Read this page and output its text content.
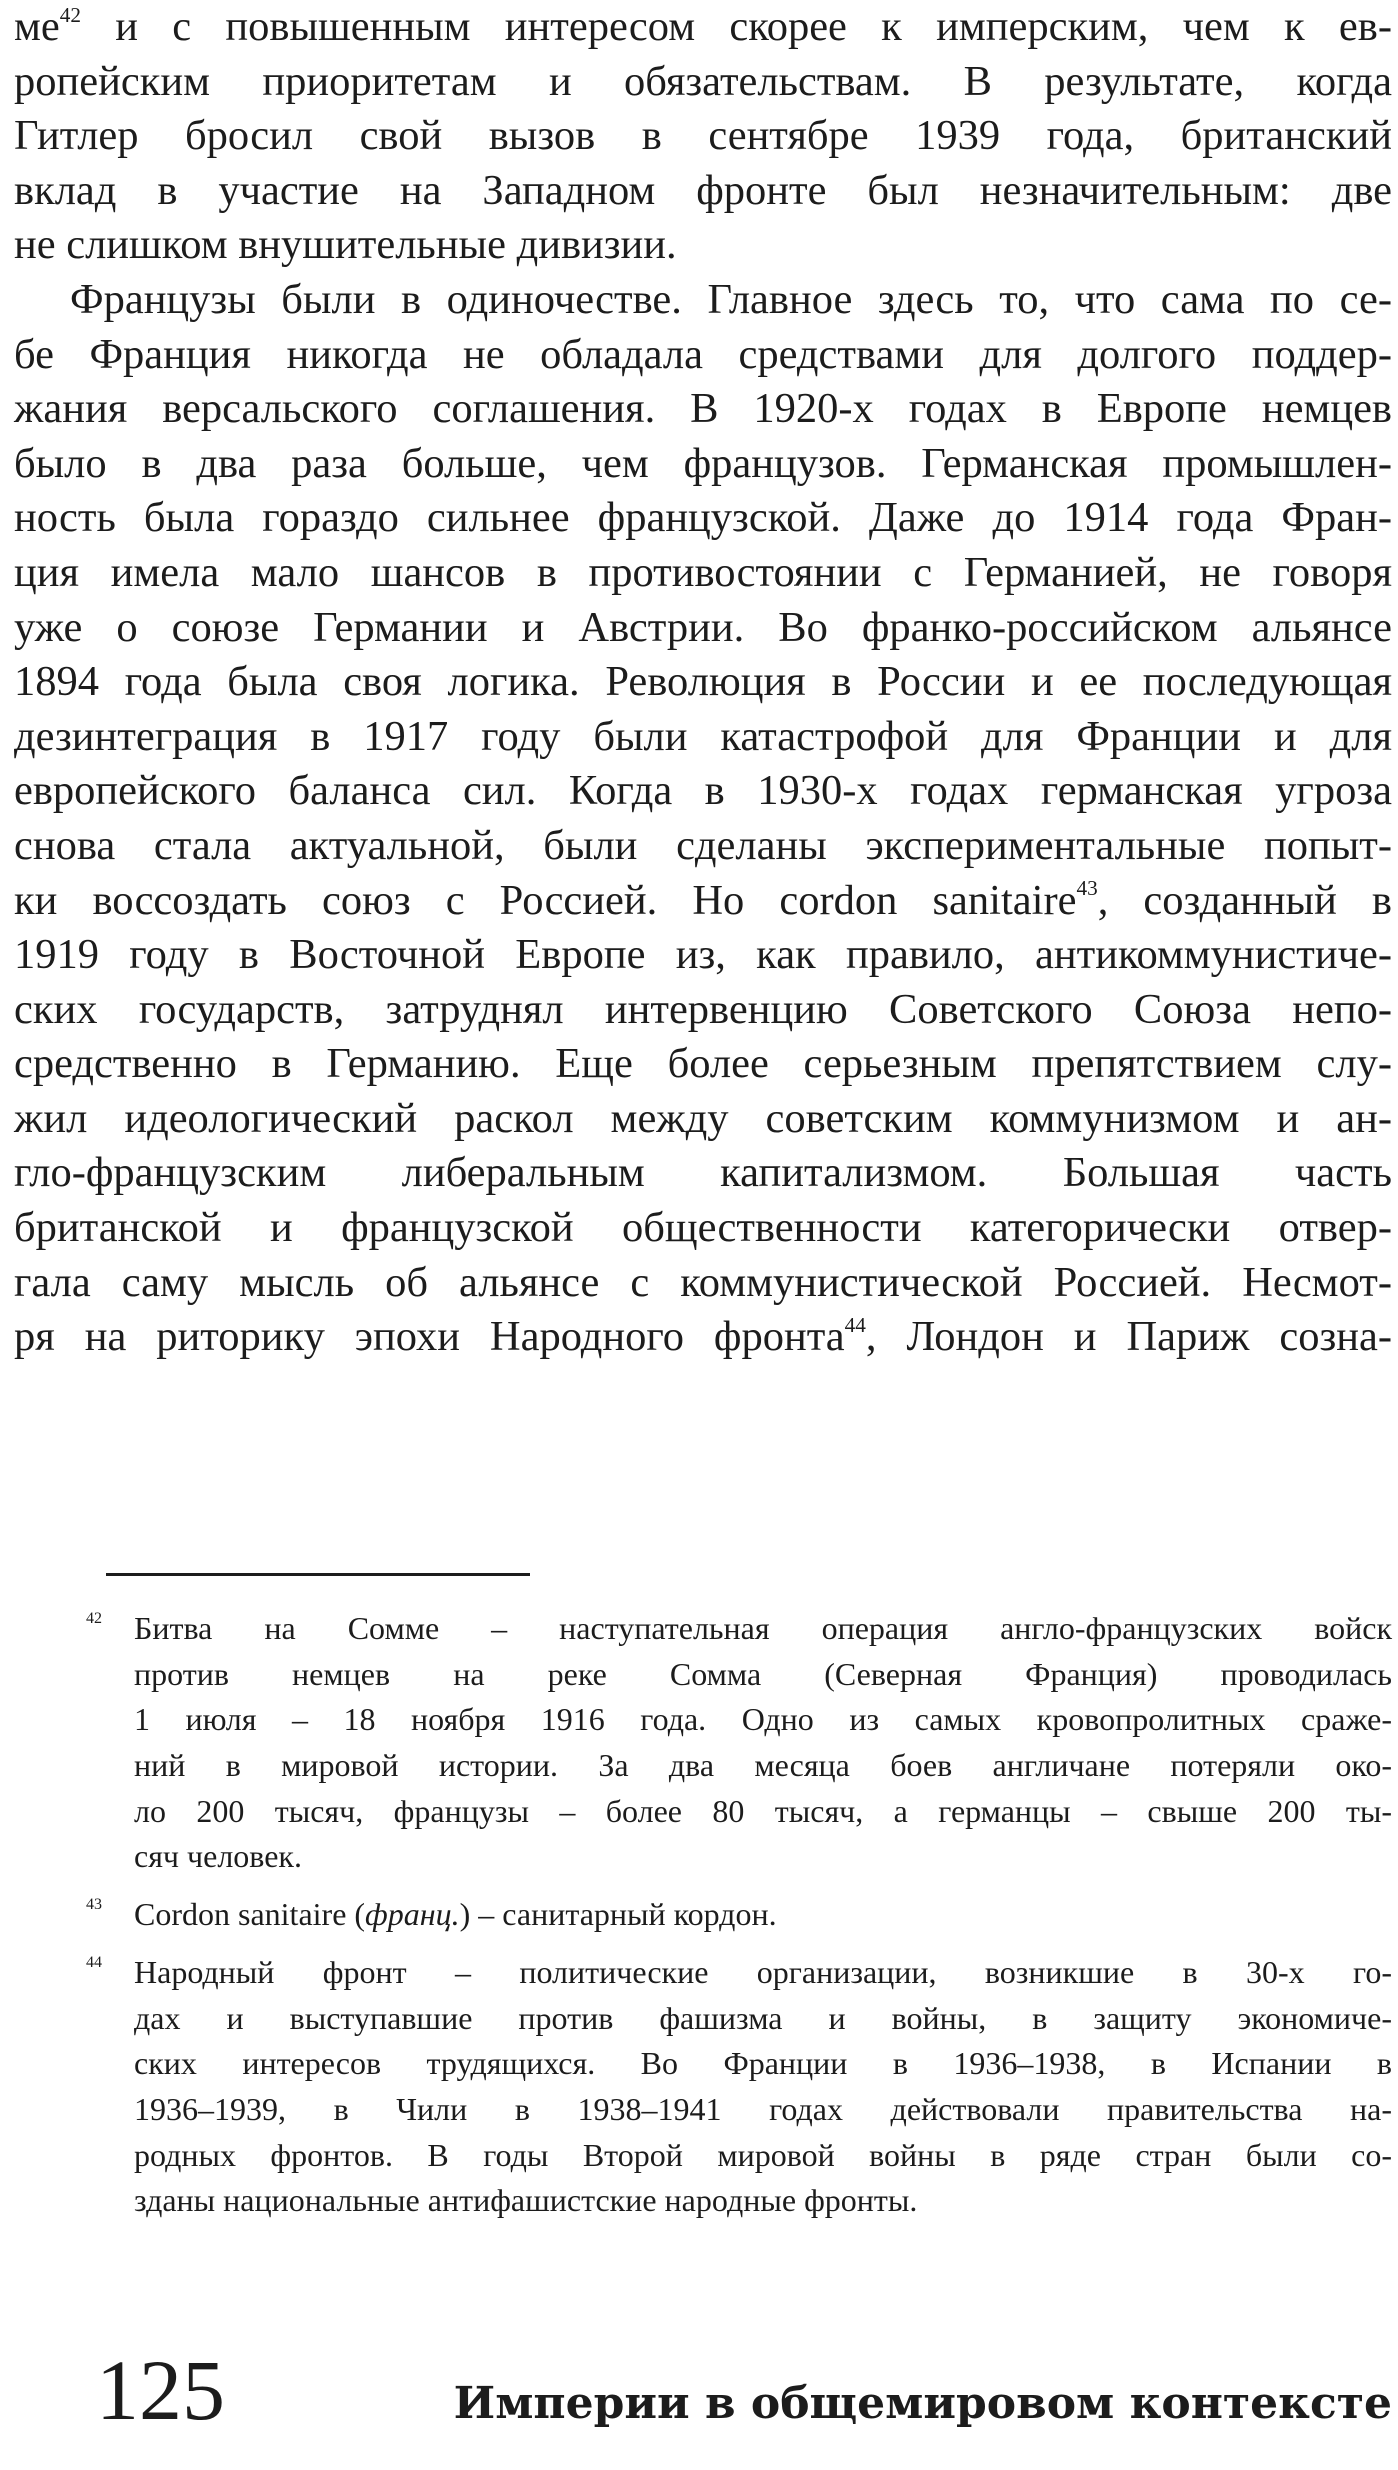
ме$^{42}$ и с повышенным интересом скорее к имперским, чем к ев-
ропейским приоритетам и обязательствам. В результате, когда
Гитлер бросил свой вызов в сентябре 1939 года, британский
вклад в участие на Западном фронте был незначительным: две
не слишком внушительные дивизии.
Французы были в одиночестве. Главное здесь то, что сама по се-
бе Франция никогда не обладала средствами для долгого поддер-
жания версальского соглашения. В 1920-х годах в Европе немцев
было в два раза больше, чем французов. Германская промышлен-
ность была гораздо сильнее французской. Даже до 1914 года Фран-
ция имела мало шансов в противостоянии с Германией, не говоря
уже о союзе Германии и Австрии. Во франко-российском альянсе
1894 года была своя логика. Революция в России и ее последующая
дезинтеграция в 1917 году были катастрофой для Франции и для
европейского баланса сил. Когда в 1930-х годах германская угроза
снова стала актуальной, были сделаны экспериментальные попыт-
ки воссоздать союз с Россией. Но cordon sanitaire$^{43}$, созданный в
1919 году в Восточной Европе из, как правило, антикоммунистиче-
ских государств, затруднял интервенцию Советского Союза непо-
средственно в Германию. Еще более серьезным препятствием слу-
жил идеологический раскол между советским коммунизмом и ан-
гло-французским либеральным капитализмом. Большая часть
британской и французской общественности категорически отвер-
гала саму мысль об альянсе с коммунистической Россией. Несмот-
ря на риторику эпохи Народного фронта$^{44}$, Лондон и Париж созна-
42 Битва на Сомме – наступательная операция англо-французских войск
против немцев на реке Сомма (Северная Франция) проводилась
1 июля – 18 ноября 1916 года. Одно из самых кровопролитных сраже-
ний в мировой истории. За два месяца боев англичане потеряли око-
ло 200 тысяч, французы – более 80 тысяч, а германцы – свыше 200 ты-
сяч человек.
43 Cordon sanitaire (франц.) – санитарный кордон.
44 Народный фронт – политические организации, возникшие в 30-х го-
дах и выступавшие против фашизма и войны, в защиту экономиче-
ских интересов трудящихся. Во Франции в 1936–1938, в Испании в
1936–1939, в Чили в 1938–1941 годах действовали правительства на-
родных фронтов. В годы Второй мировой войны в ряде стран были со-
зданы национальные антифашистские народные фронты.
125	Империи в общемировом контексте
